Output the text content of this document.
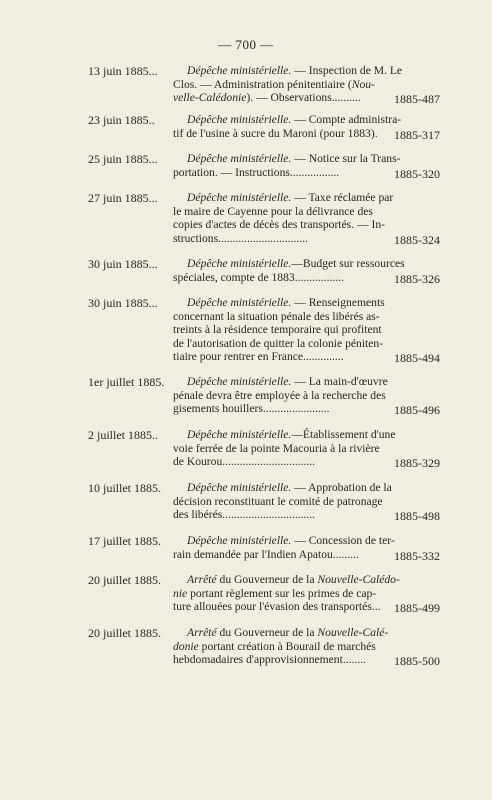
— 700 —
13 juin 1885...	Dépêche ministérielle. — Inspection de M. Le
Clos. — Administration pénitentiaire (Nou-
velle-Calédonie). — Observations..........	1885-487
23 juin 1885..	Dépêche ministérielle. — Compte administra-
tif de l'usine à sucre du Maroni (pour 1883).	1885-317
25 juin 1885...	Dépêche ministérielle. — Notice sur la Trans-
portation. — Instructions.................	1885-320
27 juin 1885...	Dépêche ministérielle. — Taxe réclamée par
le maire de Cayenne pour la délivrance des
copies d'actes de décès des transportés. — In-
structions...............................	1885-324
30 juin 1885...	Dépêche ministérielle.—Budget sur ressources
spéciales, compte de 1883.................	1885-326
30 juin 1885...	Dépêche ministérielle. — Renseignements
concernant la situation pénale des libérés as-
treints à la résidence temporaire qui profitent
de l'autorisation de quitter la colonie péniten-
tiaire pour rentrer en France..............	1885-494
1er juillet 1885.	Dépêche ministérielle. — La main-d'œuvre
pénale devra être employée à la recherche des
gisements houillers.......................	1885-496
2 juillet 1885..	Dépêche ministérielle.—Établissement d'une
voie ferrée de la pointe Macouria à la rivière
de Kourou................................	1885-329
10 juillet 1885.	Dépêche ministérielle. — Approbation de la
décision reconstituant le comité de patronage
des libérés................................	1885-498
17 juillet 1885.	Dépêche ministérielle. — Concession de ter-
rain demandée par l'Indien Apatou.........	1885-332
20 juillet 1885.	Arrêté du Gouverneur de la Nouvelle-Calédo-
nie portant règlement sur les primes de cap-
ture allouées pour l'évasion des transportés...	1885-499
20 juillet 1885.	Arrêté du Gouverneur de la Nouvelle-Calé-
donie portant création à Bourail de marchés
hebdomadaires d'approvisionnement........	1885-500
